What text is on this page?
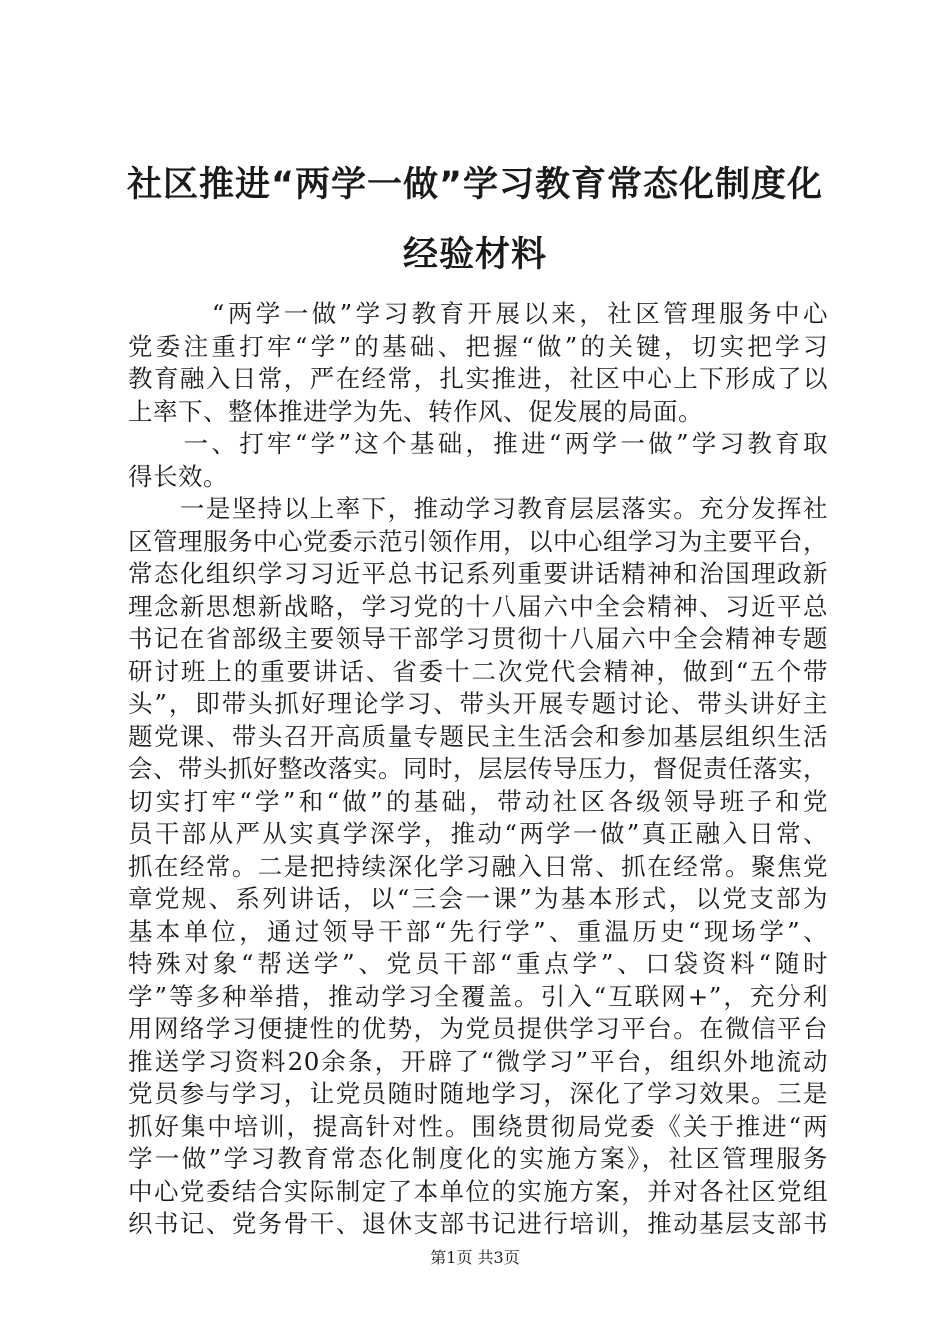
社区推进“两学一做”学习教育常态化制度化
经验材料
　　　“两学一做”学习教育开展以来，社区管理服务中心
党委注重打牢“学”的基础、把握“做”的关键，切实把学习
教育融入日常，严在经常，扎实推进，社区中心上下形成了以
上率下、整体推进学为先、转作风、促发展的局面。
　　一、打牢“学”这个基础，推进“两学一做”学习教育取
得长效。
　　一是坚持以上率下，推动学习教育层层落实。充分发挥社
区管理服务中心党委示范引领作用，以中心组学习为主要平台，
常态化组织学习习近平总书记系列重要讲话精神和治国理政新
理念新思想新战略，学习党的十八届六中全会精神、习近平总
书记在省部级主要领导干部学习贯彻十八届六中全会精神专题
研讨班上的重要讲话、省委十二次党代会精神，做到“五个带
头”，即带头抓好理论学习、带头开展专题讨论、带头讲好主
题党课、带头召开高质量专题民主生活会和参加基层组织生活
会、带头抓好整改落实。同时，层层传导压力，督促责任落实，
切实打牢“学”和“做”的基础，带动社区各级领导班子和党
员干部从严从实真学深学，推动“两学一做”真正融入日常、
抓在经常。二是把持续深化学习融入日常、抓在经常。聚焦党
章党规、系列讲话，以“三会一课”为基本形式，以党支部为
基本单位，通过领导干部“先行学”、重温历史“现场学”、
特殊对象“帮送学”、党员干部“重点学”、口袋资料“随时
学”等多种举措，推动学习全覆盖。引入“互联网+”，充分利
用网络学习便捷性的优势，为党员提供学习平台。在微信平台
推送学习资料20余条，开辟了“微学习”平台，组织外地流动
党员参与学习，让党员随时随地学习，深化了学习效果。三是
抓好集中培训，提高针对性。围绕贯彻局党委《关于推进“两
学一做”学习教育常态化制度化的实施方案》，社区管理服务
中心党委结合实际制定了本单位的实施方案，并对各社区党组
织书记、党务骨干、退休支部书记进行培训，推动基层支部书
第1页 共3页
